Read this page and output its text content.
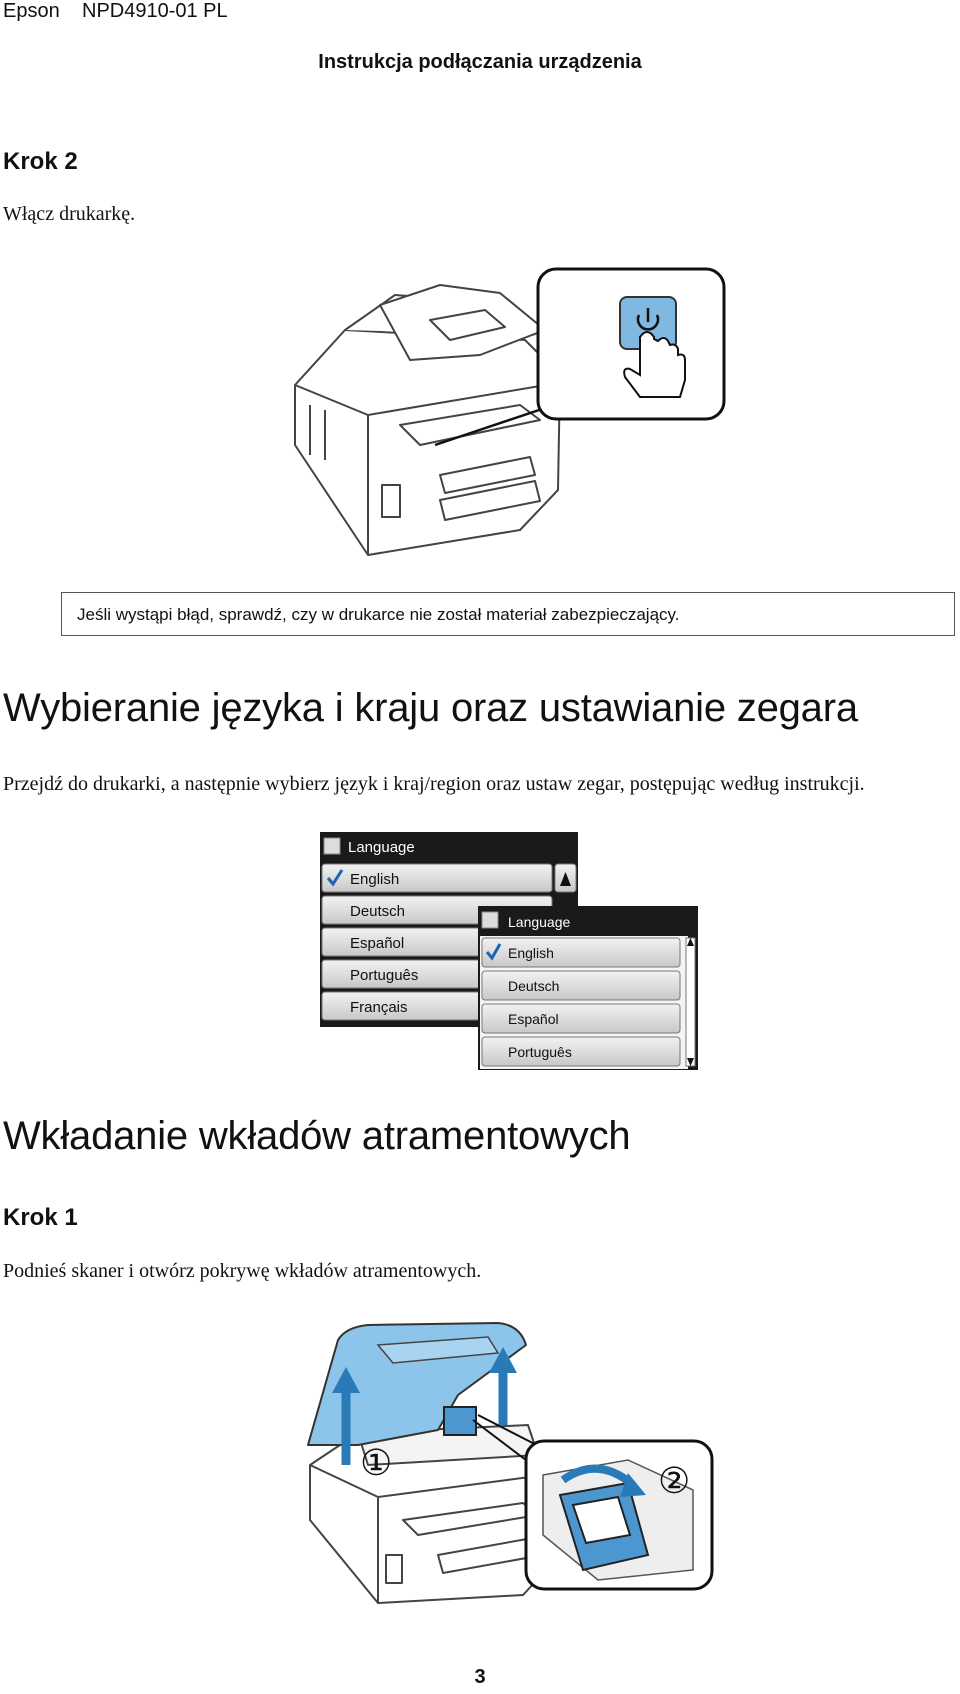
Epson NPD4910-01 PL
Instrukcja podłączania urządzenia
Krok 2
Włącz drukarkę.
Jeśli wystąpi błąd, sprawdź, czy w drukarce nie został materiał zabezpieczający.
Wybieranie języka i kraju oraz ustawianie zegara
Przejdź do drukarki, a następnie wybierz język i kraj/region oraz ustaw zegar, postępując według instrukcji.
Language
English
Deutsch
Español
Português
Français
Language
English
Deutsch
Español
Português
Wkładanie wkładów atramentowych
Krok 1
Podnieś skaner i otwórz pokrywę wkładów atramentowych.
①	②
3
